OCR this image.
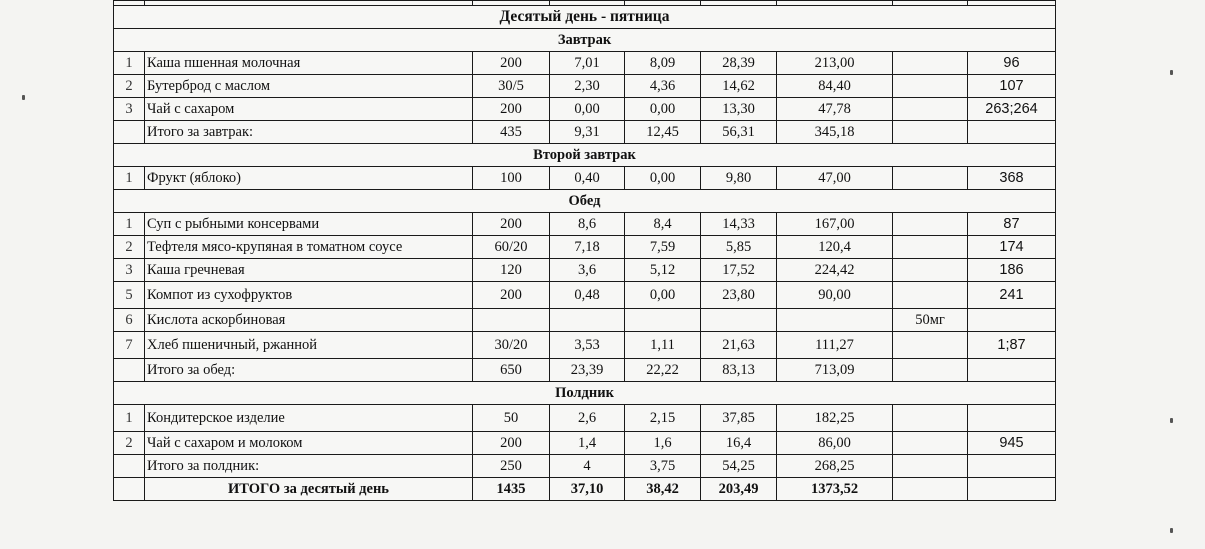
Десятый день - пятница								
Завтрак								
1	Каша пшенная молочная	200	7,01	8,09	28,39	213,00		96
2	Бутерброд с маслом	30/5	2,30	4,36	14,62	84,40		107
3	Чай с сахаром	200	0,00	0,00	13,30	47,78		263;264
	Итого за завтрак:	435	9,31	12,45	56,31	345,18		
Второй завтрак								
1	Фрукт (яблоко)	100	0,40	0,00	9,80	47,00		368
Обед								
1	Суп с рыбными консервами	200	8,6	8,4	14,33	167,00		87
2	Тефтеля мясо-крупяная в томатном соусе	60/20	7,18	7,59	5,85	120,4		174
3	Каша гречневая	120	3,6	5,12	17,52	224,42		186
5	Компот из сухофруктов	200	0,48	0,00	23,80	90,00		241
6	Кислота аскорбиновая						50мг	
7	Хлеб пшеничный, ржанной	30/20	3,53	1,11	21,63	111,27		1;87
	Итого за обед:	650	23,39	22,22	83,13	713,09		
Полдник								
1	Кондитерское изделие	50	2,6	2,15	37,85	182,25		
2	Чай с сахаром и молоком	200	1,4	1,6	16,4	86,00		945
	Итого за полдник:	250	4	3,75	54,25	268,25		
	ИТОГО за десятый день	1435	37,10	38,42	203,49	1373,52		
